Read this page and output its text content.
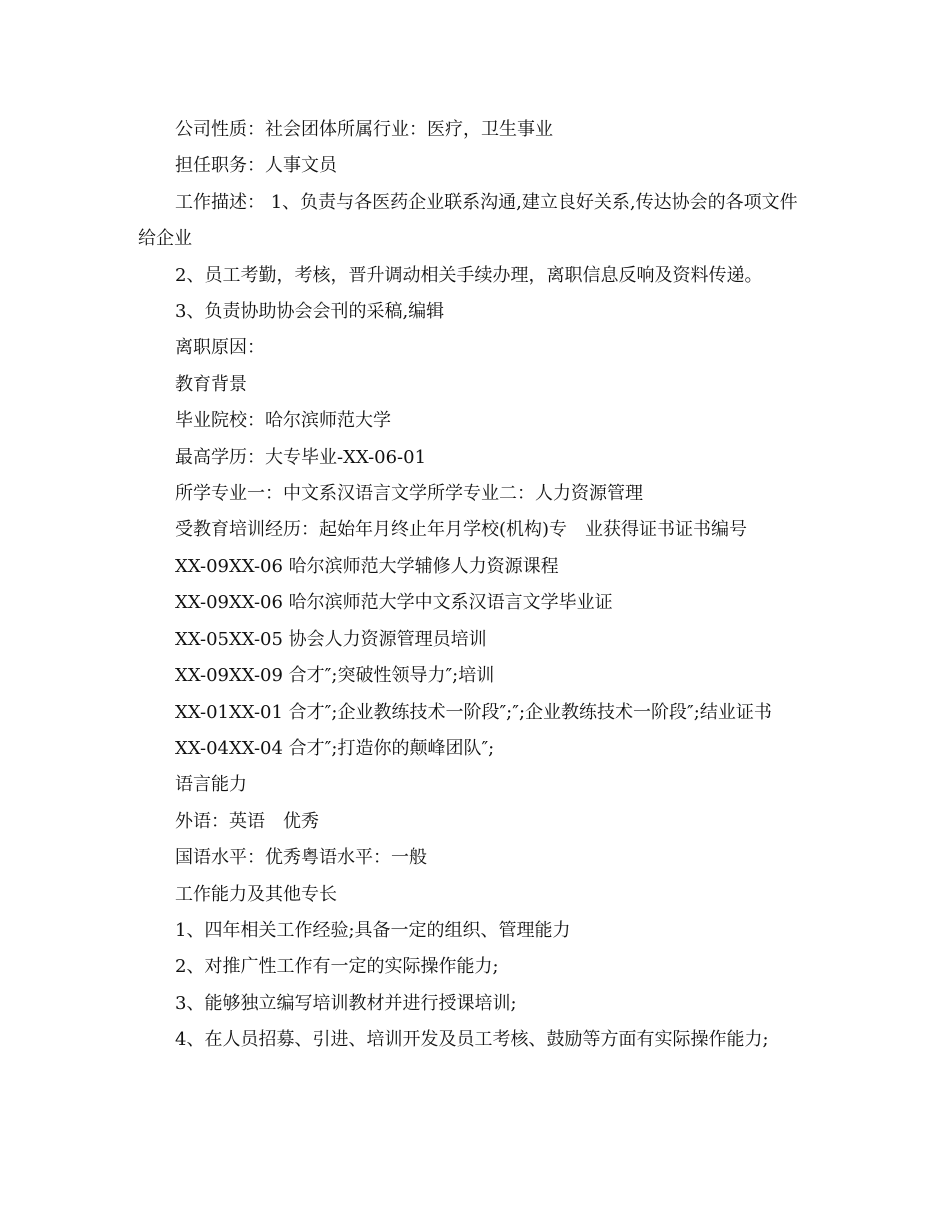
公司性质：社会团体所属行业：医疗，卫生事业

担任职务：人事文员

工作描述： 1、负责与各医药企业联系沟通,建立良好关系,传达协会的各项文件给企业

2、员工考勤，考核，晋升调动相关手续办理，离职信息反响及资料传递。

3、负责协助协会会刊的采稿,编辑

离职原因：

教育背景

毕业院校：哈尔滨师范大学

最高学历：大专毕业-XX-06-01

所学专业一：中文系汉语言文学所学专业二：人力资源管理

受教育培训经历：起始年月终止年月学校(机构)专　业获得证书证书编号

XX-09XX-06 哈尔滨师范大学辅修人力资源课程

XX-09XX-06 哈尔滨师范大学中文系汉语言文学毕业证

XX-05XX-05 协会人力资源管理员培训

XX-09XX-09 合才″;突破性领导力″;培训

XX-01XX-01 合才″;企业教练技术一阶段″;″;企业教练技术一阶段″;结业证书

XX-04XX-04 合才″;打造你的颠峰团队″;

语言能力

外语：英语　优秀

国语水平：优秀粤语水平：一般

工作能力及其他专长

1、四年相关工作经验;具备一定的组织、管理能力

2、对推广性工作有一定的实际操作能力;

3、能够独立编写培训教材并进行授课培训;

4、在人员招募、引进、培训开发及员工考核、鼓励等方面有实际操作能力;
